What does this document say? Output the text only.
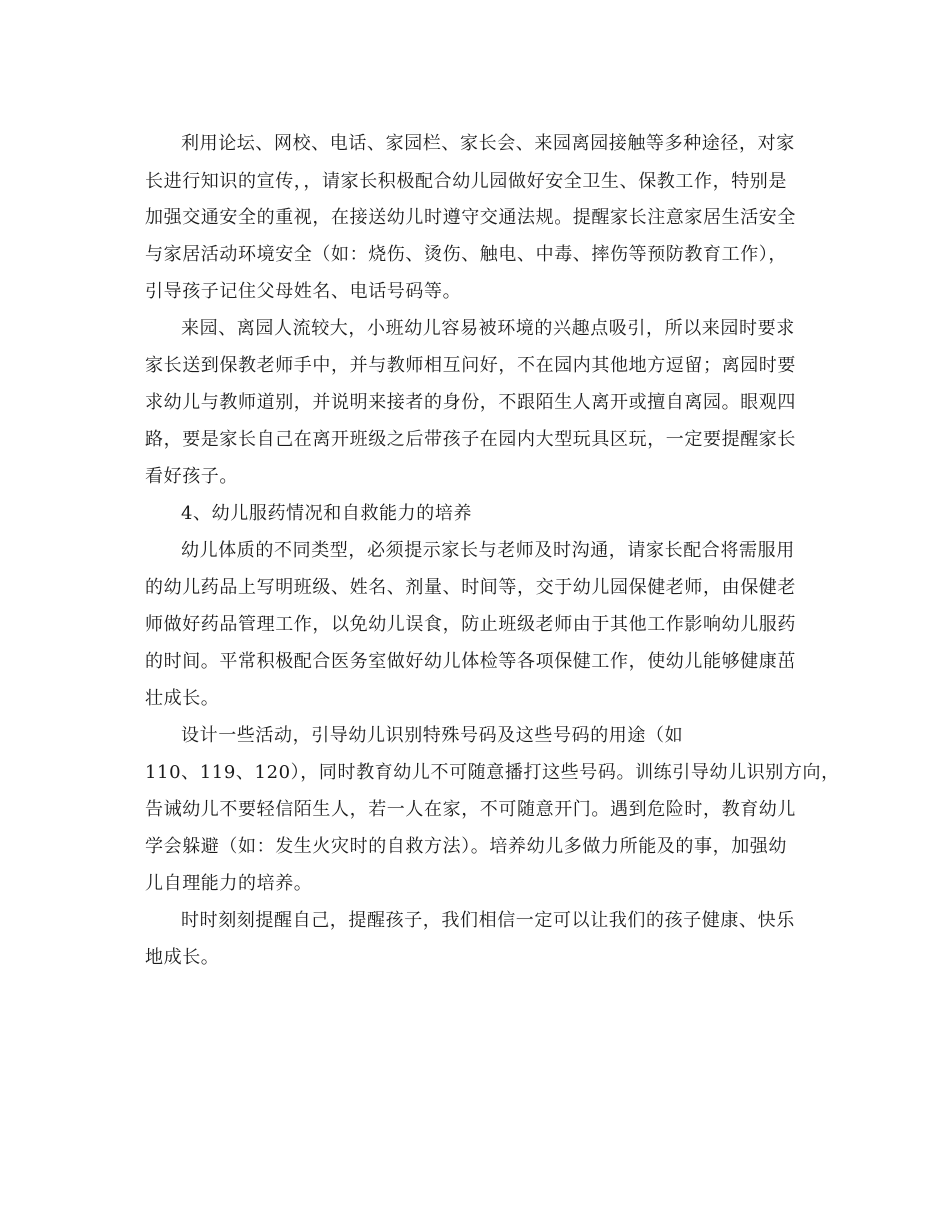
利用论坛、网校、电话、家园栏、家长会、来园离园接触等多种途径，对家

长进行知识的宣传，，请家长积极配合幼儿园做好安全卫生、保教工作，特别是

加强交通安全的重视，在接送幼儿时遵守交通法规。提醒家长注意家居生活安全

与家居活动环境安全（如：烧伤、烫伤、触电、中毒、摔伤等预防教育工作），

引导孩子记住父母姓名、电话号码等。

来园、离园人流较大，小班幼儿容易被环境的兴趣点吸引，所以来园时要求

家长送到保教老师手中，并与教师相互问好，不在园内其他地方逗留；离园时要

求幼儿与教师道别，并说明来接者的身份，不跟陌生人离开或擅自离园。眼观四

路，要是家长自己在离开班级之后带孩子在园内大型玩具区玩，一定要提醒家长

看好孩子。

4、幼儿服药情况和自救能力的培养

幼儿体质的不同类型，必须提示家长与老师及时沟通，请家长配合将需服用

的幼儿药品上写明班级、姓名、剂量、时间等，交于幼儿园保健老师，由保健老

师做好药品管理工作，以免幼儿误食，防止班级老师由于其他工作影响幼儿服药

的时间。平常积极配合医务室做好幼儿体检等各项保健工作，使幼儿能够健康茁

壮成长。

设计一些活动，引导幼儿识别特殊号码及这些号码的用途（如

110、119、120），同时教育幼儿不可随意播打这些号码。训练引导幼儿识别方向，

告诫幼儿不要轻信陌生人，若一人在家，不可随意开门。遇到危险时，教育幼儿

学会躲避（如：发生火灾时的自救方法）。培养幼儿多做力所能及的事，加强幼

儿自理能力的培养。

时时刻刻提醒自己，提醒孩子，我们相信一定可以让我们的孩子健康、快乐

地成长。
